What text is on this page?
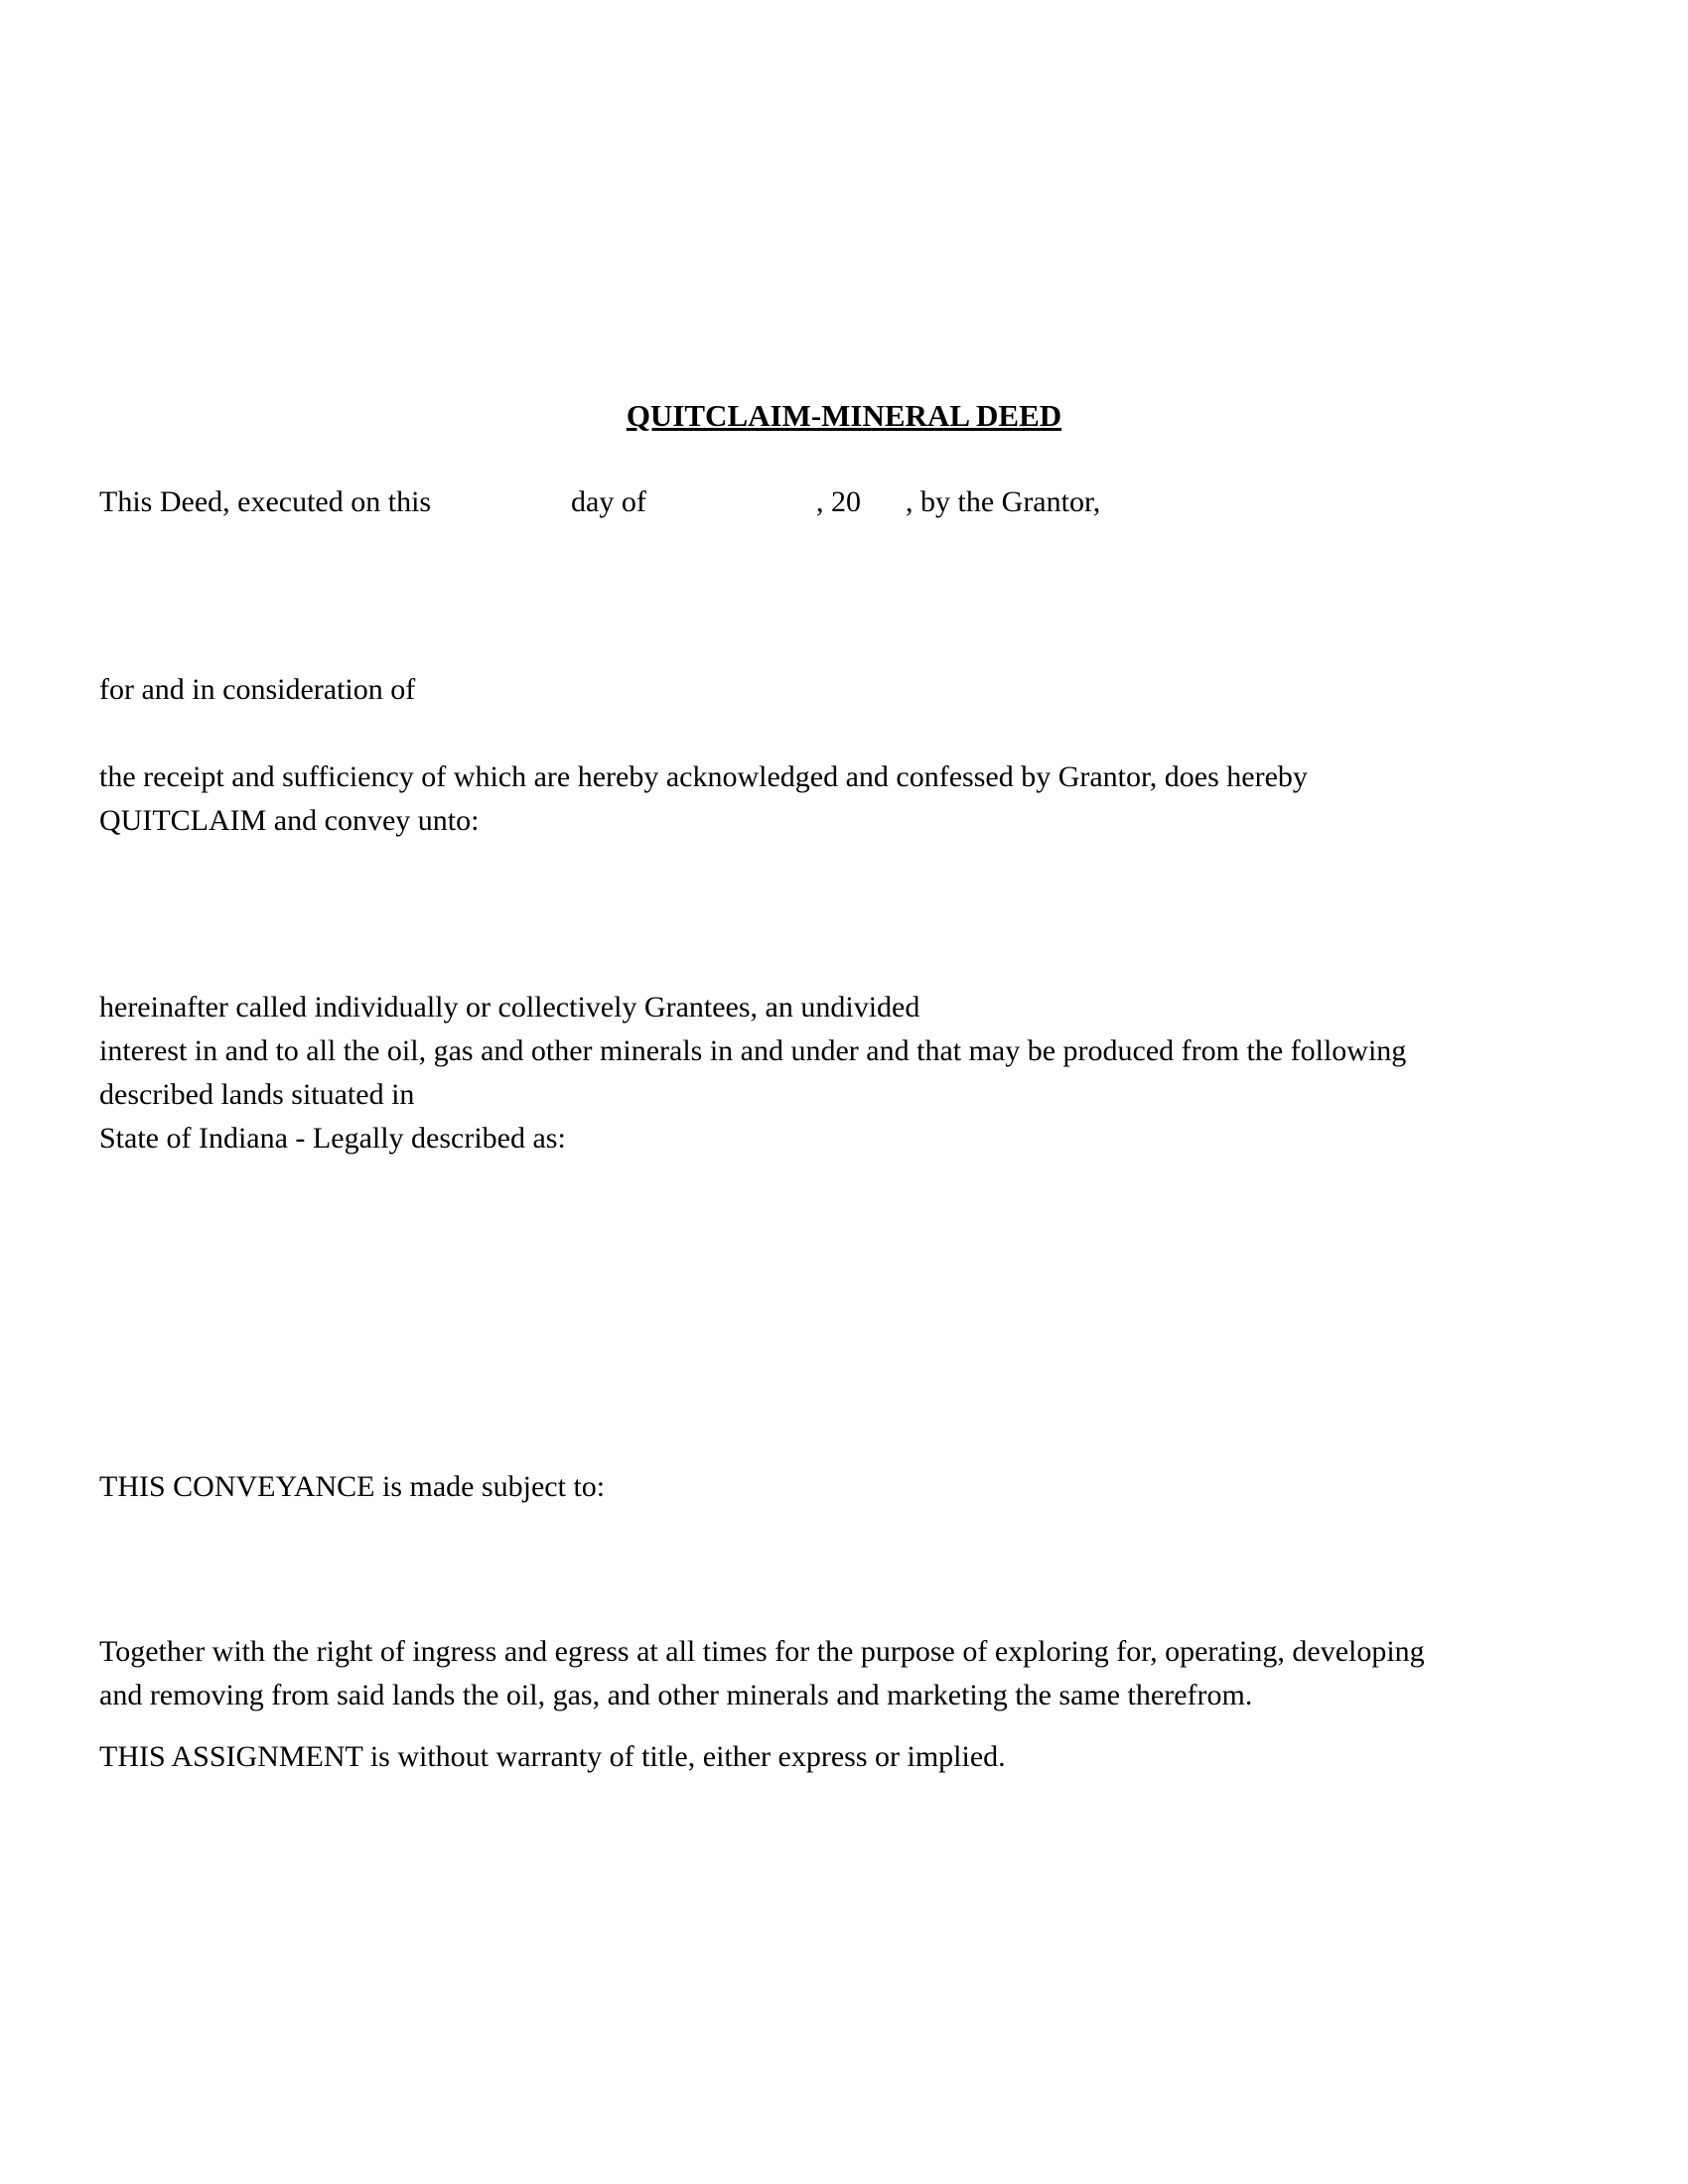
QUITCLAIM-MINERAL DEED
This Deed, executed on this	day of	, 20 , by the Grantor,
for and in consideration of
the receipt and sufficiency of which are hereby acknowledged and confessed by Grantor, does hereby
QUITCLAIM and convey unto:
hereinafter called individually or collectively Grantees, an undivided
interest in and to all the oil, gas and other minerals in and under and that may be produced from the following
described lands situated in
State of Indiana - Legally described as:
THIS CONVEYANCE is made subject to:
Together with the right of ingress and egress at all times for the purpose of exploring for, operating, developing
and removing from said lands the oil, gas, and other minerals and marketing the same therefrom.
THIS ASSIGNMENT is without warranty of title, either express or implied.
